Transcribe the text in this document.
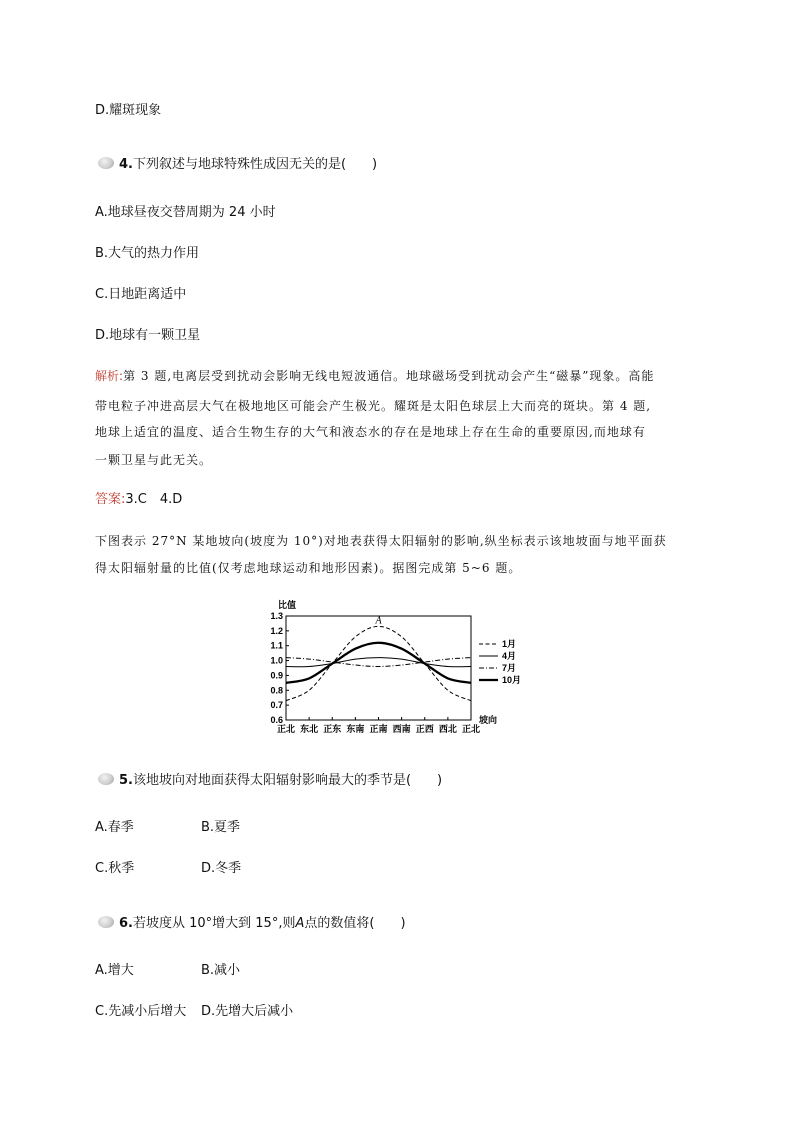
D.耀斑现象
4.下列叙述与地球特殊性成因无关的是(　　)
A.地球昼夜交替周期为 24 小时
B.大气的热力作用
C.日地距离适中
D.地球有一颗卫星
解析:第 3 题,电离层受到扰动会影响无线电短波通信。地球磁场受到扰动会产生“磁暴”现象。高能
带电粒子冲进高层大气在极地地区可能会产生极光。耀斑是太阳色球层上大而亮的斑块。第 4 题,
地球上适宜的温度、适合生物生存的大气和液态水的存在是地球上存在生命的重要原因,而地球有
一颗卫星与此无关。
答案:3.C　4.D
下图表示 27°N 某地坡向(坡度为 10°)对地表获得太阳辐射的影响,纵坐标表示该地坡面与地平面获
得太阳辐射量的比值(仅考虑地球运动和地形因素)。据图完成第 5~6 题。
1.3
1.2
1.1
1.0
0.9
0.8
0.7
0.6
正北 东北 正东 东南 正南 西南 正西 西北 正北
比值
坡向
1月
4月
7月
10月
A
5.该地坡向对地面获得太阳辐射影响最大的季节是(　　)
A.春季	B.夏季
C.秋季	D.冬季
6.若坡度从 10°增大到 15°,则A点的数值将(　　)
A.增大	B.减小
C.先减小后增大 D.先增大后减小
